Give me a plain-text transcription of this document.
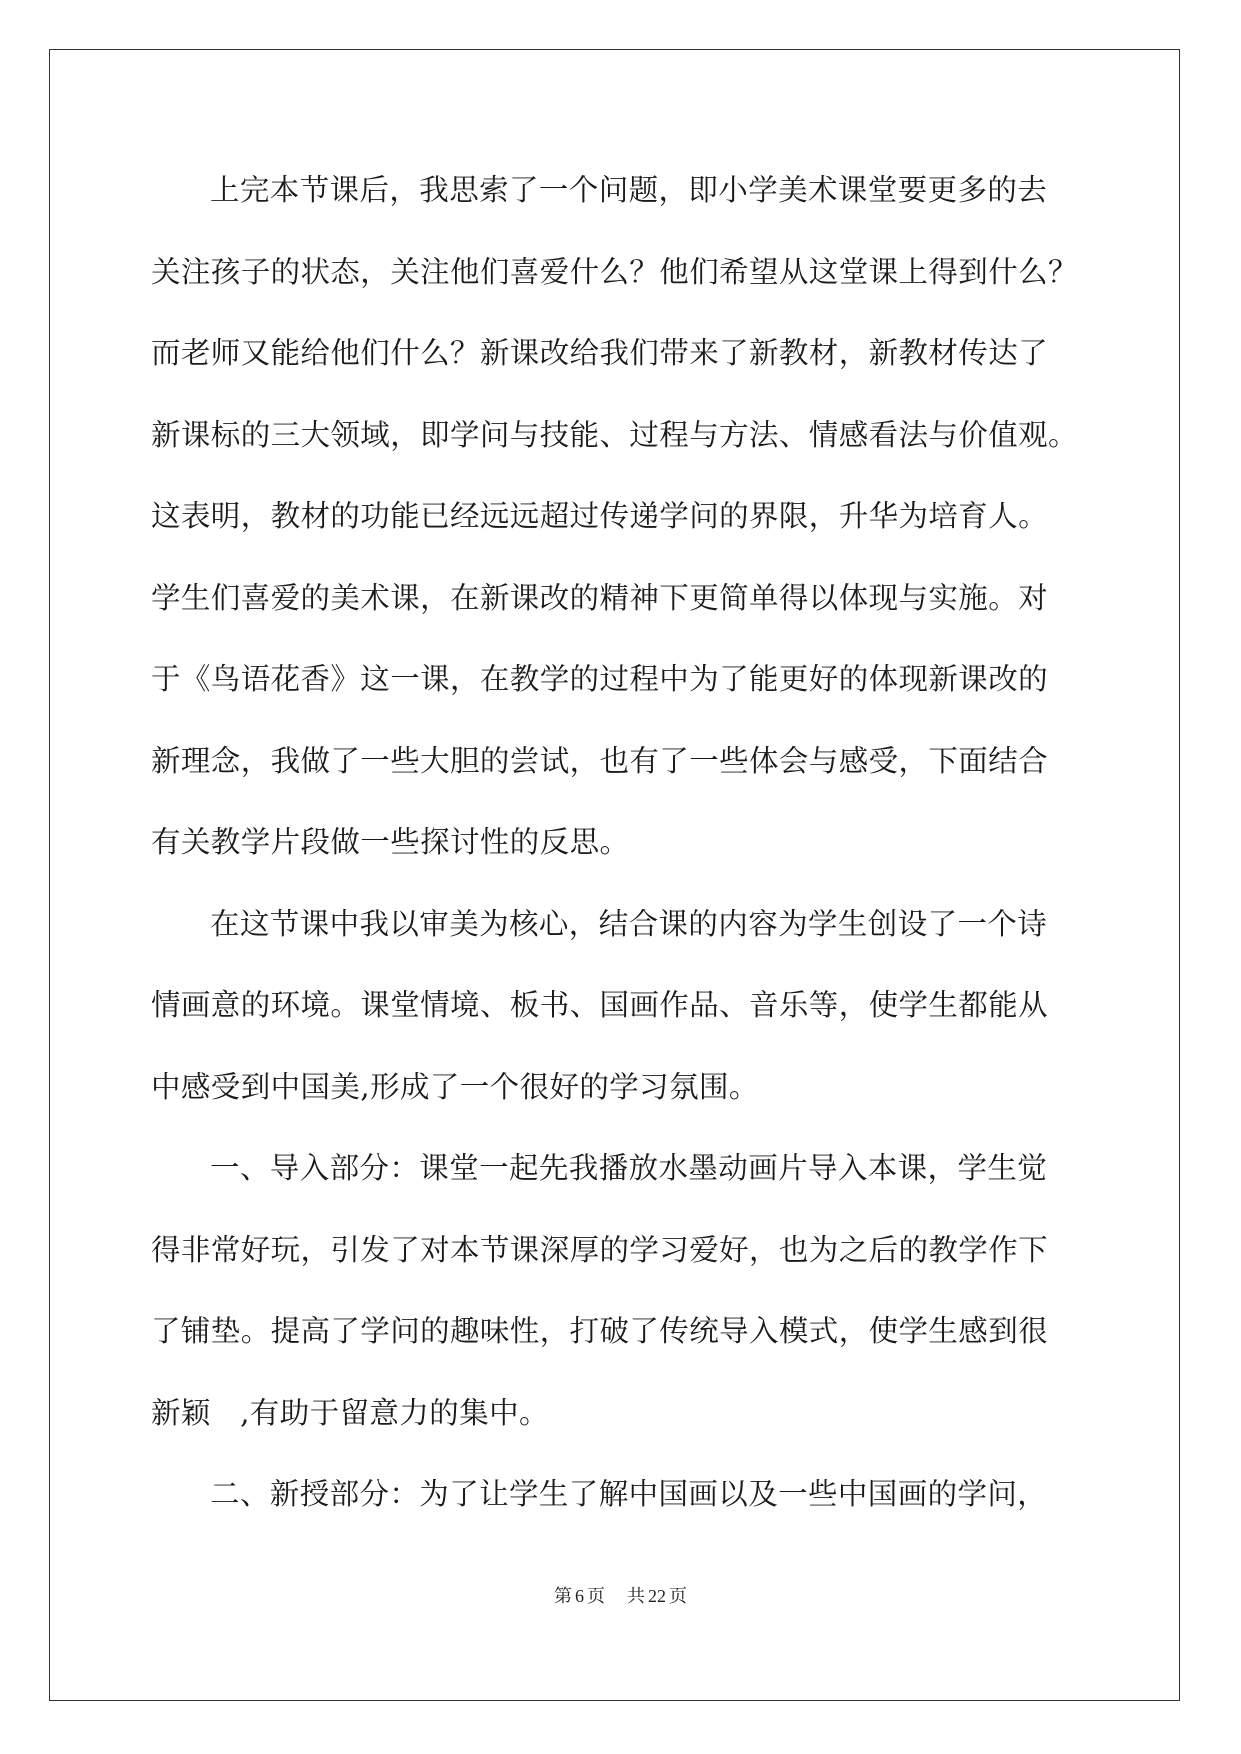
上完本节课后，我思索了一个问题，即小学美术课堂要更多的去
关注孩子的状态，关注他们喜爱什么？他们希望从这堂课上得到什么？
而老师又能给他们什么？新课改给我们带来了新教材，新教材传达了
新课标的三大领域，即学问与技能、过程与方法、情感看法与价值观。
这表明，教材的功能已经远远超过传递学问的界限，升华为培育人。
学生们喜爱的美术课，在新课改的精神下更简单得以体现与实施。对
于《鸟语花香》这一课，在教学的过程中为了能更好的体现新课改的
新理念，我做了一些大胆的尝试，也有了一些体会与感受，下面结合
有关教学片段做一些探讨性的反思。
在这节课中我以审美为核心，结合课的内容为学生创设了一个诗
情画意的环境。课堂情境、板书、国画作品、音乐等，使学生都能从
中感受到中国美,形成了一个很好的学习氛围。
一、导入部分：课堂一起先我播放水墨动画片导入本课，学生觉
得非常好玩，引发了对本节课深厚的学习爱好，也为之后的教学作下
了铺垫。提高了学问的趣味性，打破了传统导入模式，使学生感到很
新颖   ,有助于留意力的集中。
二、新授部分：为了让学生了解中国画以及一些中国画的学问，
第 6 页 共 22 页
